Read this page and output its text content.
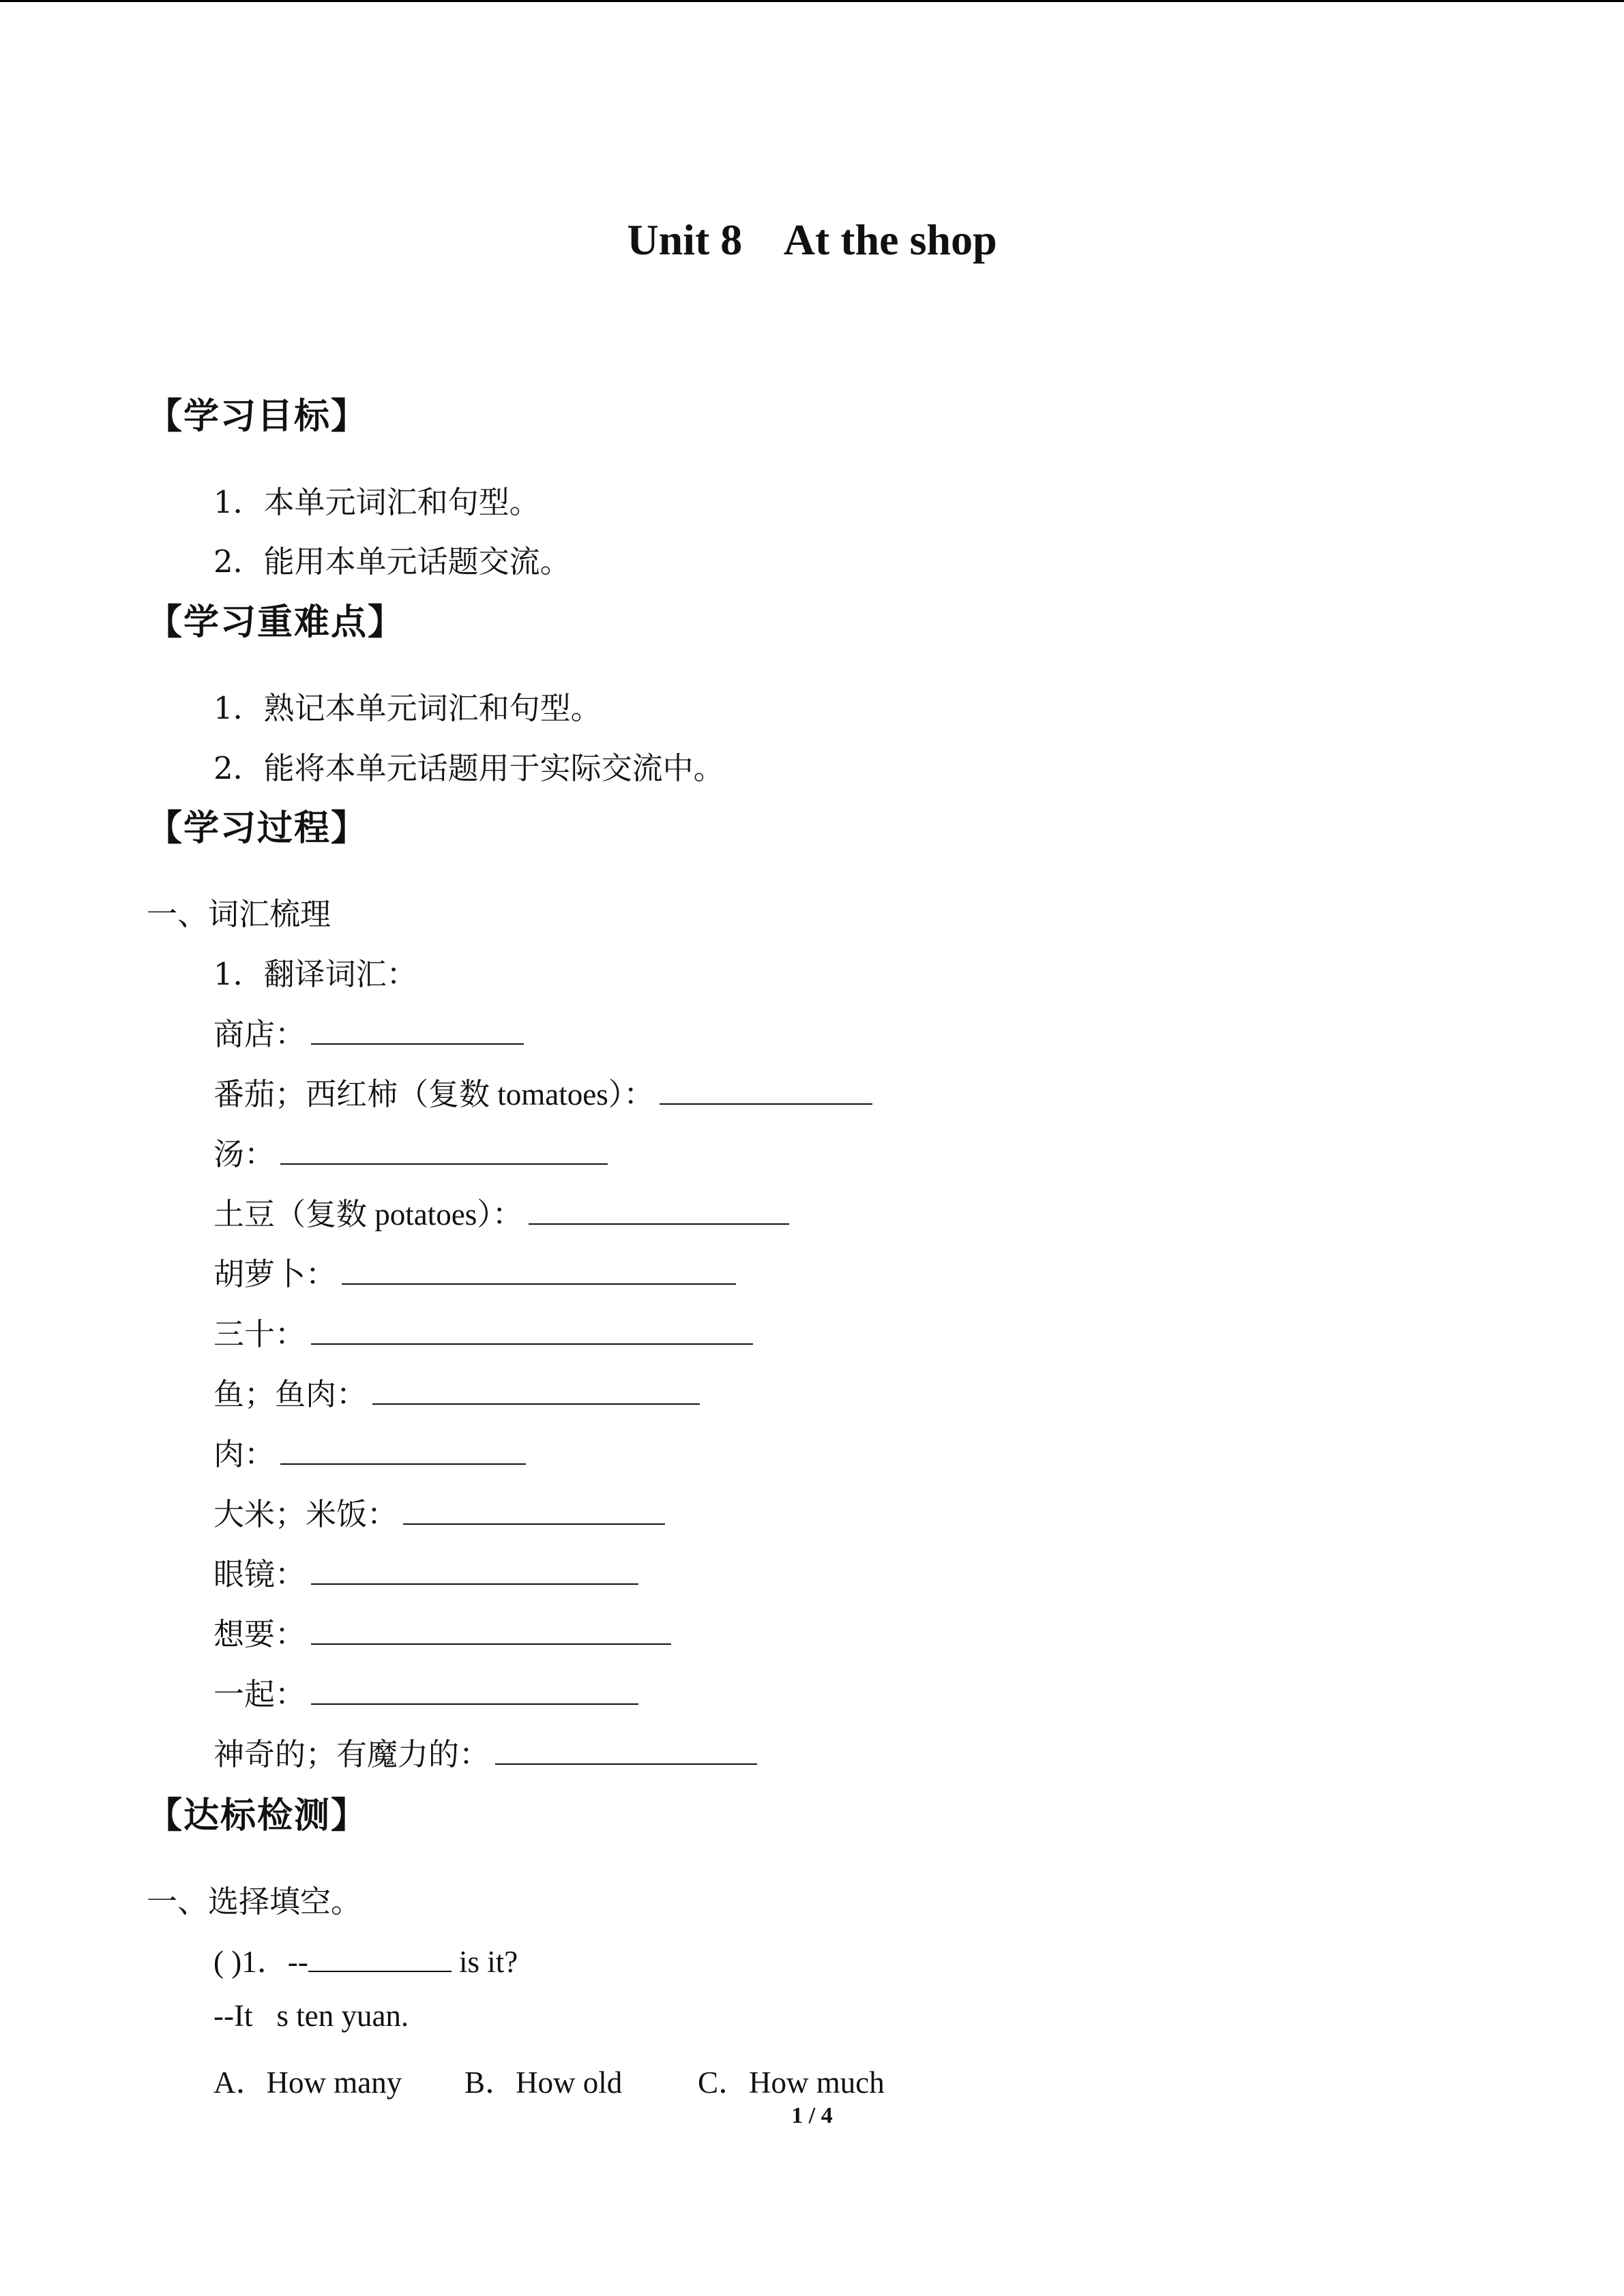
Unit 8    At the shop
【学习目标】
1．本单元词汇和句型。
2．能用本单元话题交流。
【学习重难点】
1．熟记本单元词汇和句型。
2．能将本单元话题用于实际交流中。
【学习过程】
一、词汇梳理
1．翻译词汇：
商店：
番茄；西红柿（复数 tomatoes）：
汤：
土豆（复数 potatoes）：
胡萝卜：
三十：
鱼；鱼肉：
肉：
大米；米饭：
眼镜：
想要：
一起：
神奇的；有魔力的：
【达标检测】
一、选择填空。
( )1．--	is it?
--It s ten yuan.
A．How many B．How old C．How much
1 / 4
